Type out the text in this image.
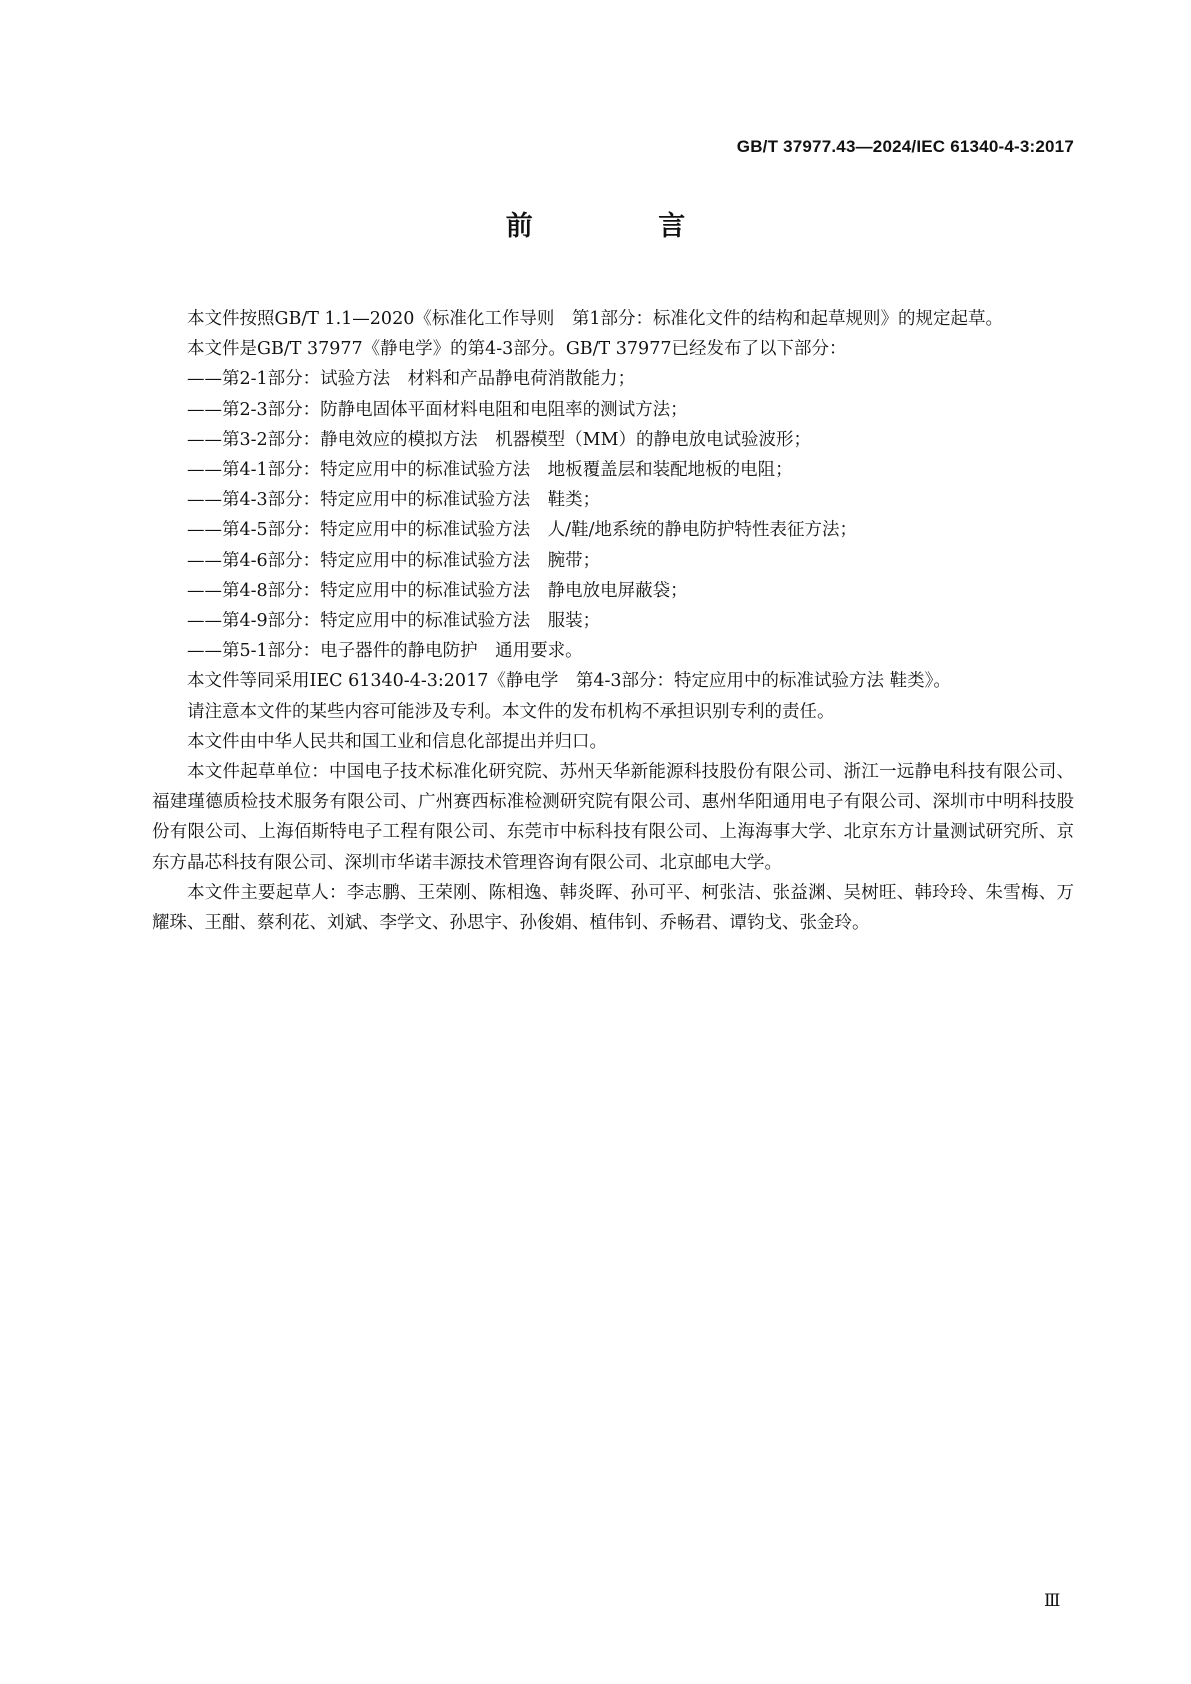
GB/T 37977.43—2024/IEC 61340-4-3:2017
前 言

本文件按照GB/T 1.1—2020《标准化工作导则　第1部分：标准化文件的结构和起草规则》的规定起草。

本文件是GB/T 37977《静电学》的第4-3部分。GB/T 37977已经发布了以下部分：

——第2-1部分：试验方法　材料和产品静电荷消散能力；
——第2-3部分：防静电固体平面材料电阻和电阻率的测试方法；
——第3-2部分：静电效应的模拟方法　机器模型（MM）的静电放电试验波形；
——第4-1部分：特定应用中的标准试验方法　地板覆盖层和装配地板的电阻；
——第4-3部分：特定应用中的标准试验方法　鞋类；
——第4-5部分：特定应用中的标准试验方法　人/鞋/地系统的静电防护特性表征方法；
——第4-6部分：特定应用中的标准试验方法　腕带；
——第4-8部分：特定应用中的标准试验方法　静电放电屏蔽袋；
——第4-9部分：特定应用中的标准试验方法　服装；
——第5-1部分：电子器件的静电防护　通用要求。

本文件等同采用IEC 61340-4-3:2017《静电学　第4-3部分：特定应用中的标准试验方法 鞋类》。

请注意本文件的某些内容可能涉及专利。本文件的发布机构不承担识别专利的责任。

本文件由中华人民共和国工业和信息化部提出并归口。

本文件起草单位：中国电子技术标准化研究院、苏州天华新能源科技股份有限公司、浙江一远静电科技有限公司、福建瑾德质检技术服务有限公司、广州赛西标准检测研究院有限公司、惠州华阳通用电子有限公司、深圳市中明科技股份有限公司、上海佰斯特电子工程有限公司、东莞市中标科技有限公司、上海海事大学、北京东方计量测试研究所、京东方晶芯科技有限公司、深圳市华诺丰源技术管理咨询有限公司、北京邮电大学。

本文件主要起草人：李志鹏、王荣刚、陈相逸、韩炎晖、孙可平、柯张洁、张益渊、吴树旺、韩玲玲、朱雪梅、万耀珠、王酣、蔡利花、刘斌、李学文、孙思宇、孙俊娟、植伟钊、乔畅君、谭钧戈、张金玲。

Ⅲ
